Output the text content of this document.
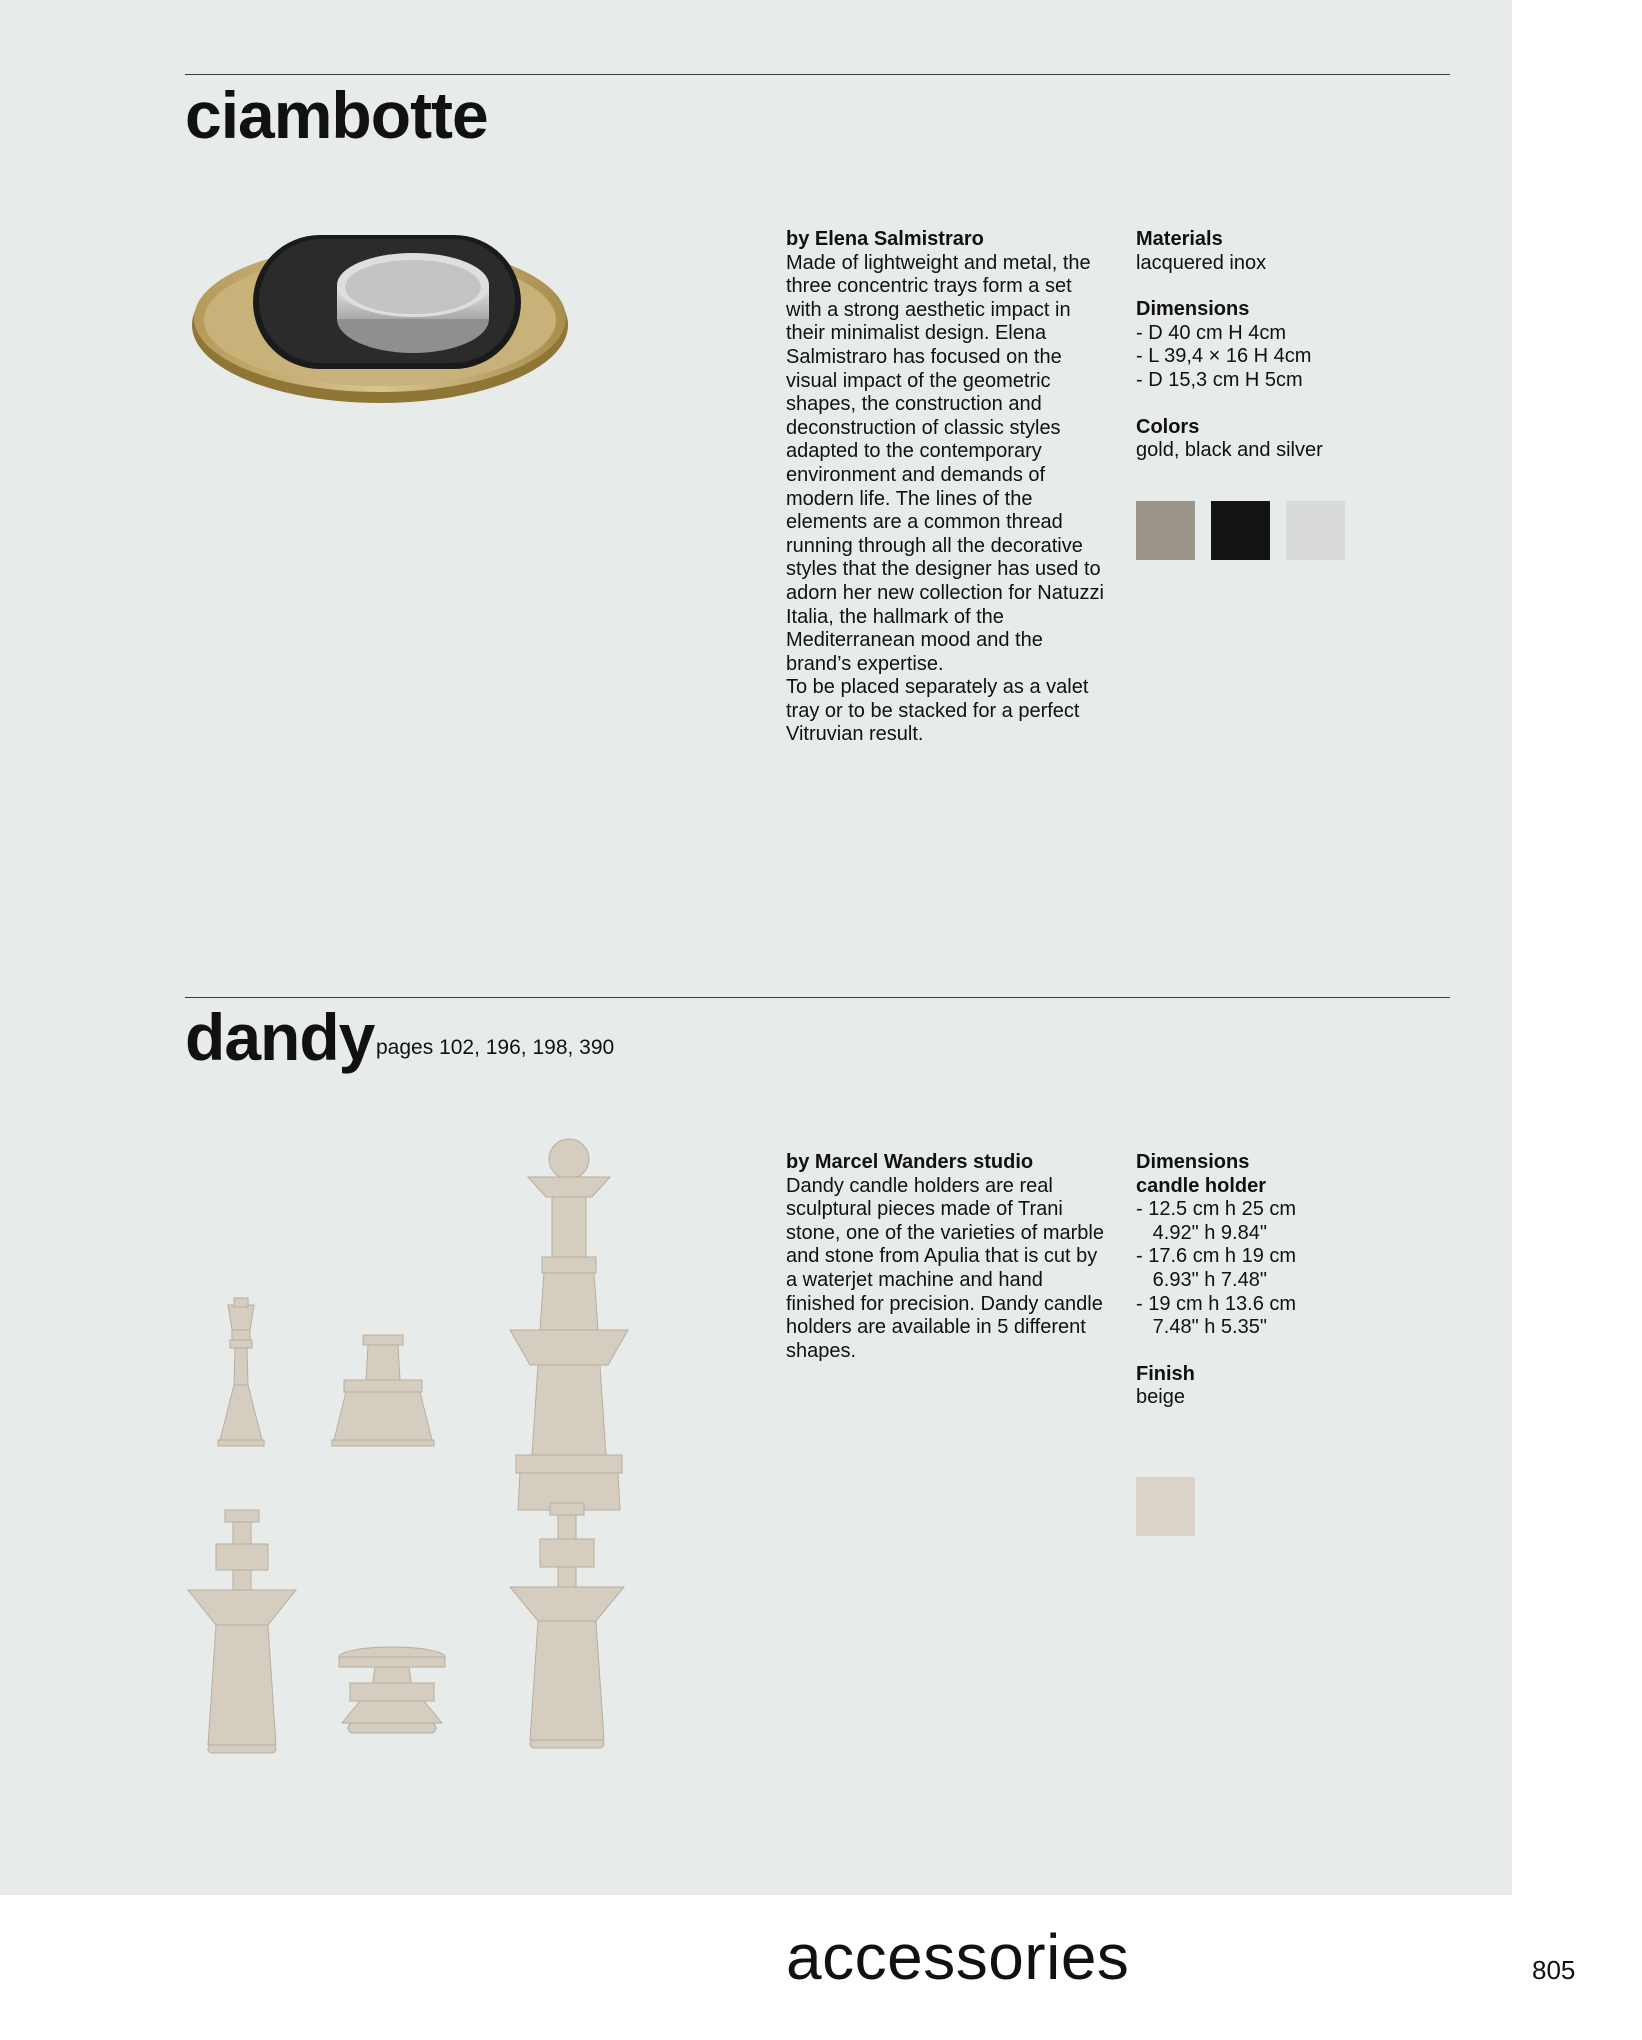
ciambotte

by Elena Salmistraro

Made of lightweight and metal, the three concentric trays form a set with a strong aesthetic impact in their minimalist design. Elena Salmistraro has focused on the visual impact of the geometric shapes, the construction and deconstruction of classic styles adapted to the contemporary environment and demands of modern life. The lines of the elements are a common thread running through all the decorative styles that the designer has used to adorn her new collection for Natuzzi Italia, the hallmark of the Mediterranean mood and the brand’s expertise.

To be placed separately as a valet tray or to be stacked for a perfect Vitruvian result.

Materials

lacquered inox

Dimensions

- D 40 cm H 4cm
- L 39,4 × 16 H 4cm
- D 15,3 cm H 5cm

Colors

gold, black and silver

dandy pages 102, 196, 198, 390

by Marcel Wanders studio

Dandy candle holders are real sculptural pieces made of Trani stone, one of the varieties of marble and stone from Apulia that is cut by a waterjet machine and hand finished for precision. Dandy candle holders are available in 5 different shapes.

Dimensions

candle holder

- 12.5 cm h 25 cm
4.92" h 9.84"
- 17.6 cm h 19 cm
6.93" h 7.48"
- 19 cm h 13.6 cm
7.48" h 5.35"

Finish

beige

accessories	805
